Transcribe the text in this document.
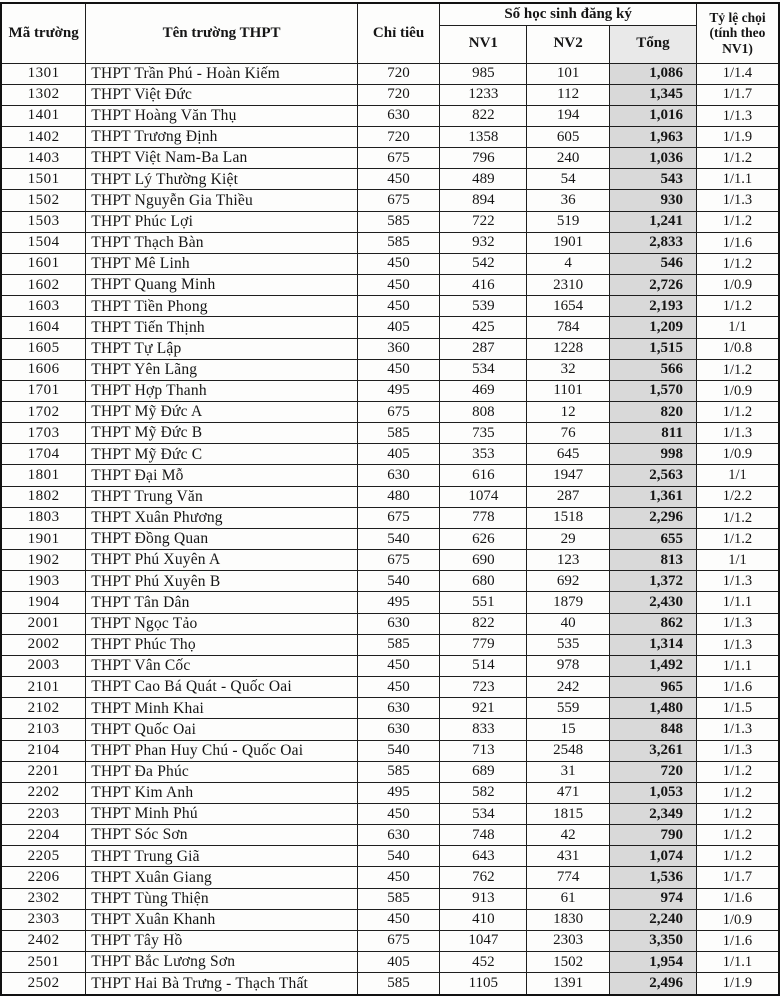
Mã trường	Tên trường THPT	Chỉ tiêu	Số học sinh đăng ký			Tỷ lệ chọi
(tính theo
NV1)

			NV1	NV2	Tổng	
1301	THPT Trần Phú - Hoàn Kiếm	720	985	101	1,086	1/1.4
1302	THPT Việt Đức	720	1233	112	1,345	1/1.7
1401	THPT Hoàng Văn Thụ	630	822	194	1,016	1/1.3
1402	THPT Trương Định	720	1358	605	1,963	1/1.9
1403	THPT Việt Nam-Ba Lan	675	796	240	1,036	1/1.2
1501	THPT Lý Thường Kiệt	450	489	54	543	1/1.1
1502	THPT Nguyễn Gia Thiều	675	894	36	930	1/1.3
1503	THPT Phúc Lợi	585	722	519	1,241	1/1.2
1504	THPT Thạch Bàn	585	932	1901	2,833	1/1.6
1601	THPT Mê Linh	450	542	4	546	1/1.2
1602	THPT Quang Minh	450	416	2310	2,726	1/0.9
1603	THPT Tiền Phong	450	539	1654	2,193	1/1.2
1604	THPT Tiến Thịnh	405	425	784	1,209	1/1
1605	THPT Tự Lập	360	287	1228	1,515	1/0.8
1606	THPT Yên Lãng	450	534	32	566	1/1.2
1701	THPT Hợp Thanh	495	469	1101	1,570	1/0.9
1702	THPT Mỹ Đức A	675	808	12	820	1/1.2
1703	THPT Mỹ Đức B	585	735	76	811	1/1.3
1704	THPT Mỹ Đức C	405	353	645	998	1/0.9
1801	THPT Đại Mỗ	630	616	1947	2,563	1/1
1802	THPT Trung Văn	480	1074	287	1,361	1/2.2
1803	THPT Xuân Phương	675	778	1518	2,296	1/1.2
1901	THPT Đồng Quan	540	626	29	655	1/1.2
1902	THPT Phú Xuyên A	675	690	123	813	1/1
1903	THPT Phú Xuyên B	540	680	692	1,372	1/1.3
1904	THPT Tân Dân	495	551	1879	2,430	1/1.1
2001	THPT Ngọc Tảo	630	822	40	862	1/1.3
2002	THPT Phúc Thọ	585	779	535	1,314	1/1.3
2003	THPT Vân Cốc	450	514	978	1,492	1/1.1
2101	THPT Cao Bá Quát - Quốc Oai	450	723	242	965	1/1.6
2102	THPT Minh Khai	630	921	559	1,480	1/1.5
2103	THPT Quốc Oai	630	833	15	848	1/1.3
2104	THPT Phan Huy Chú - Quốc Oai	540	713	2548	3,261	1/1.3
2201	THPT Đa Phúc	585	689	31	720	1/1.2
2202	THPT Kim Anh	495	582	471	1,053	1/1.2
2203	THPT Minh Phú	450	534	1815	2,349	1/1.2
2204	THPT Sóc Sơn	630	748	42	790	1/1.2
2205	THPT Trung Giã	540	643	431	1,074	1/1.2
2206	THPT Xuân Giang	450	762	774	1,536	1/1.7
2302	THPT Tùng Thiện	585	913	61	974	1/1.6
2303	THPT Xuân Khanh	450	410	1830	2,240	1/0.9
2402	THPT Tây Hồ	675	1047	2303	3,350	1/1.6
2501	THPT Bắc Lương Sơn	405	452	1502	1,954	1/1.1
2502	THPT Hai Bà Trưng - Thạch Thất	585	1105	1391	2,496	1/1.9
